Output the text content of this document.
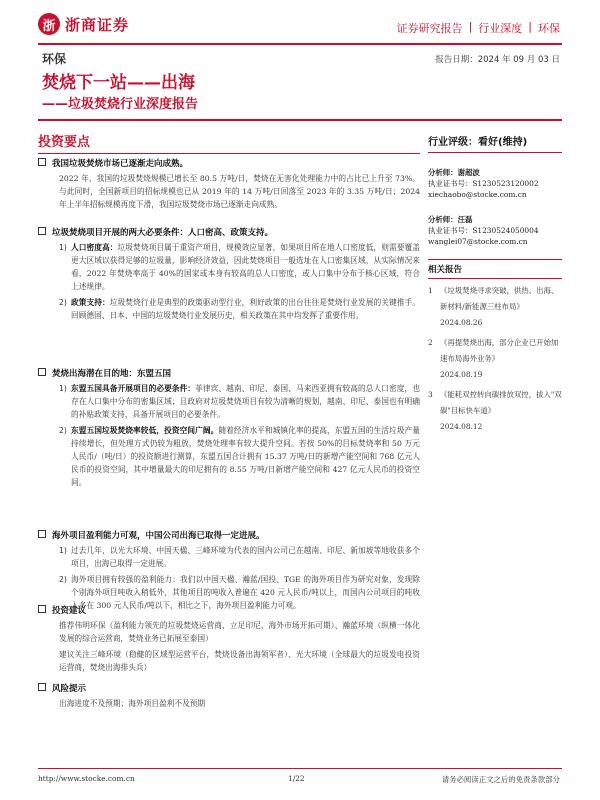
浙 浙商证券	证券研究报告 | 行业深度 | 环保
环保	报告日期：2024 年 09 月 03 日
焚烧下一站——出海
——垃圾焚烧行业深度报告
投资要点
我国垃圾焚烧市场已逐渐走向成熟。
2022 年，我国的垃圾焚烧规模已增长至 80.5 万吨/日，焚烧在无害化处理能力中的占比已上升至 73%。与此同时，全国新项目的招标规模也已从 2019 年的 14 万吨/日回落至 2023 年的 3.35 万吨/日；2024 年上半年招标规模再度下滑，我国垃圾焚烧市场已逐渐走向成熟。
垃圾焚烧项目开展的两大必要条件：人口密高、政策支持。
1) 人口密度高：垃圾焚烧项目属于重资产项目，规模效应显著，如果项目所在地人口密度低，则需要覆盖更大区域以获得足够的垃圾量，影响经济效益，因此焚烧项目一般选址在人口密集区域，从实际情况来看，2022 年焚烧率高于 40%的国家或本身有较高的总人口密度，或人口集中分布于核心区域，符合上述规律。
2) 政策支持：垃圾焚烧行业是典型的政策驱动型行业，利好政策的出台往往是焚烧行业发展的关键推手。回顾德国、日本、中国的垃圾焚烧行业发展历史，相关政策在其中均发挥了重要作用。
焚烧出海潜在目的地：东盟五国
1) 东盟五国具备开展项目的必要条件：菲律宾、越南、印尼、泰国、马来西亚拥有较高的总人口密度，也存在人口集中分布的密集区域；且政府对垃圾焚烧项目有较为清晰的规划，越南、印尼、泰国也有明确的补贴政策支持，具备开展项目的必要条件。
2) 东盟五国垃圾焚烧率较低，投资空间广阔。随着经济水平和城镇化率的提高，东盟五国的生活垃圾产量持续增长，但处理方式仍较为粗放，焚烧处理率有较大提升空间。若按 50%的目标焚烧率和 50 万元人民币/（吨/日）的投资额进行测算，东盟五国合计拥有 15.37 万吨/日的新增产能空间和 768 亿元人民币的投资空间，其中增量最大的印尼拥有的 8.55 万吨/日新增产能空间和 427 亿元人民币的投资空间。
海外项目盈利能力可观，中国公司出海已取得一定进展。
1) 过去几年，以光大环境、中国天楹、三峰环境为代表的国内公司已在越南、印尼、新加坡等地收获多个项目，出海已取得一定进展。
2) 海外项目拥有较强的盈利能力：我们以中国天楹、瀚蓝/国投、TGE 的海外项目作为研究对象，发现除个别海外项目吨收入稍低外，其他项目的吨收入普遍在 420 元人民币/吨以上，而国内公司项目的吨收入多在 300 元人民币/吨以下，相比之下，海外项目盈利能力可观。
投资建议
推荐伟明环保（盈利能力领先的垃圾焚烧运营商，立足印尼，海外市场开拓可期）、瀚蓝环境（纵横一体化发展的综合运营商，焚烧业务已拓展至泰国）
建议关注三峰环境（稳健的区域型运营平台，焚烧设备出海领军者）、光大环境（全球最大的垃圾发电投资运营商，焚烧出海排头兵）
风险提示
出海进度不及预期；海外项目盈利不及预期
行业评级：看好(维持)
分析师：谢超波
执业证书号：S1230523120002
xiechaobo@stocke.com.cn
分析师：汪磊
执业证书号：S1230524050004
wanglei07@stocke.com.cn
相关报告
1 《垃圾焚烧寻求突破，供热、出海、新材料/新能源三柱布局》
2024.08.26
2 《再提焚烧出海，部分企业已开始加速布局海外业务》
2024.08.19
3 《能耗双控转向碳排放双控，拔入"双碳"目标快车道》
2024.08.12
http://www.stocke.com.cn	1/22	请务必阅读正文之后的免责条款部分
